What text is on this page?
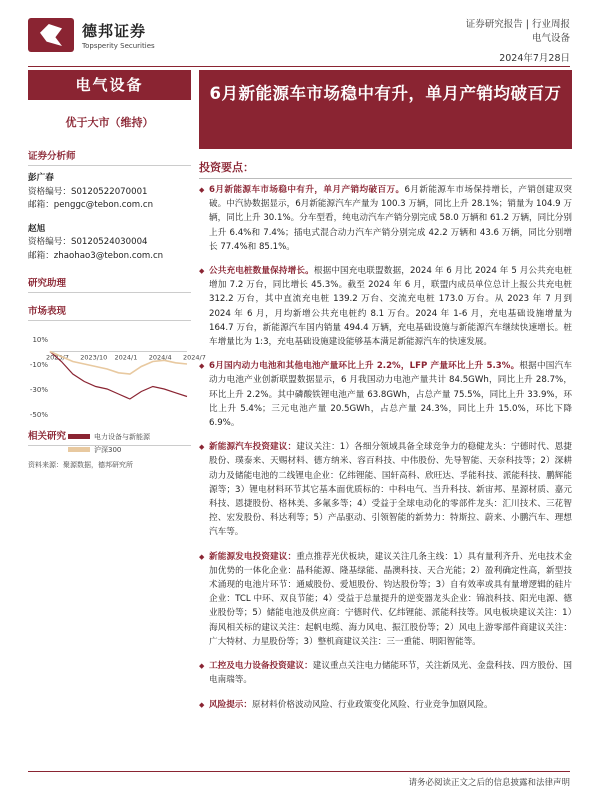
德邦证券
Topsperity Securities
证券研究报告 | 行业周报
电气设备
2024年7月28日
电气设备
优于大市（维持）
证券分析师
彭广春
资格编号：S0120522070001
邮箱：penggc@tebon.com.cn
赵旭
资格编号：S0120524030004
邮箱：zhaohao3@tebon.com.cn
研究助理
市场表现
10%
-10%
-30%
-50%
2023/7 2023/10 2024/1 2024/4 2024/7
电力设备与新能源
沪深300
资料来源：聚源数据，德邦研究所
相关研究
6月新能源车市场稳中有升，单月产销均破百万
投资要点：
◆ 6月新能源车市场稳中有升，单月产销均破百万。6月新能源车市场保持增长，产销创建双突破。中汽协数据显示，6月新能源汽车产量为 100.3 万辆，同比上升 28.1%；销量为 104.9 万辆，同比上升 30.1%。分车型看，纯电动汽车产销分别完成 58.0 万辆和 61.2 万辆，同比分别上升 6.4%和 7.4%；插电式混合动力汽车产销分别完成 42.2 万辆和 43.6 万辆，同比分别增长 77.4%和 85.1%。
◆ 公共充电桩数量保持增长。根据中国充电联盟数据，2024 年 6 月比 2024 年 5 月公共充电桩增加 7.2 万台，同比增长 45.3%。截至 2024 年 6 月，联盟内成员单位总计上报公共充电桩 312.2 万台，其中直流充电桩 139.2 万台、交流充电桩 173.0 万台。从 2023 年 7 月到 2024 年 6 月，月均新增公共充电桩约 8.1 万台。2024 年 1-6 月，充电基础设施增量为 164.7 万台，新能源汽车国内销量 494.4 万辆，充电基础设施与新能源汽车继续快速增长。桩车增量比为 1:3，充电基础设施建设能够基本满足新能源汽车的快速发展。
◆ 6月国内动力电池和其他电池产量环比上升 2.2%，LFP 产量环比上升 5.3%。根据中国汽车动力电池产业创新联盟数据显示，6 月我国动力电池产量共计 84.5GWh，同比上升 28.7%，环比上升 2.2%。其中磷酸铁锂电池产量 63.8GWh，占总产量 75.5%，同比上升 33.9%，环比上升 5.4%；三元电池产量 20.5GWh，占总产量 24.3%，同比上升 15.0%，环比下降 6.9%。
◆ 新能源汽车投资建议：建议关注：1）各细分领域具备全球竞争力的稳健龙头：宁德时代、恩捷股份、璞泰来、天赐材料、德方纳米、容百科技、中伟股份、先导智能、天奈科技等；2）深耕动力及储能电池的二线锂电企业：亿纬锂能、国轩高科、欣旺达、孚能科技、派能科技、鹏辉能源等；3）锂电材料环节其它基本面优质标的：中科电气、当升科技、新宙邦、星源材质、嘉元科技、恩捷股份、格林美、多氟多等；4）受益于全球电动化的零部件龙头：汇川技术、三花智控、宏发股份、科达利等；5）产品驱动、引领智能的新势力：特斯拉、蔚来、小鹏汽车、理想汽车等。
◆ 新能源发电投资建议：重点推荐光伏板块，建议关注几条主线：1）具有量利齐升、光电技术金加优势的一体化企业：晶科能源、隆基绿能、晶澳科技、天合光能；2）盈利确定性高，新型技术涌现的电池片环节：通威股份、爱旭股份、钧达股份等；3）自有效率或具有量增逻辑的硅片企业：TCL 中环、双良节能；4）受益于总量提升的逆变器龙头企业：锦浪科技、阳光电源、德业股份等；5）储能电池及供应商：宁德时代、亿纬锂能、派能科技等。风电板块建议关注：1）海风相关标的建议关注：起帆电缆、海力风电、振江股份等；2）风电上游零部件商建议关注：广大特材、力星股份等；3）整机商建议关注：三一重能、明阳智能等。
◆ 工控及电力设备投资建议：建议重点关注电力储能环节，关注新凤光、金盘科技、四方股份、国电南瑞等。
◆ 风险提示：原材料价格波动风险、行业政策变化风险、行业竞争加剧风险。
请务必阅读正文之后的信息披露和法律声明
